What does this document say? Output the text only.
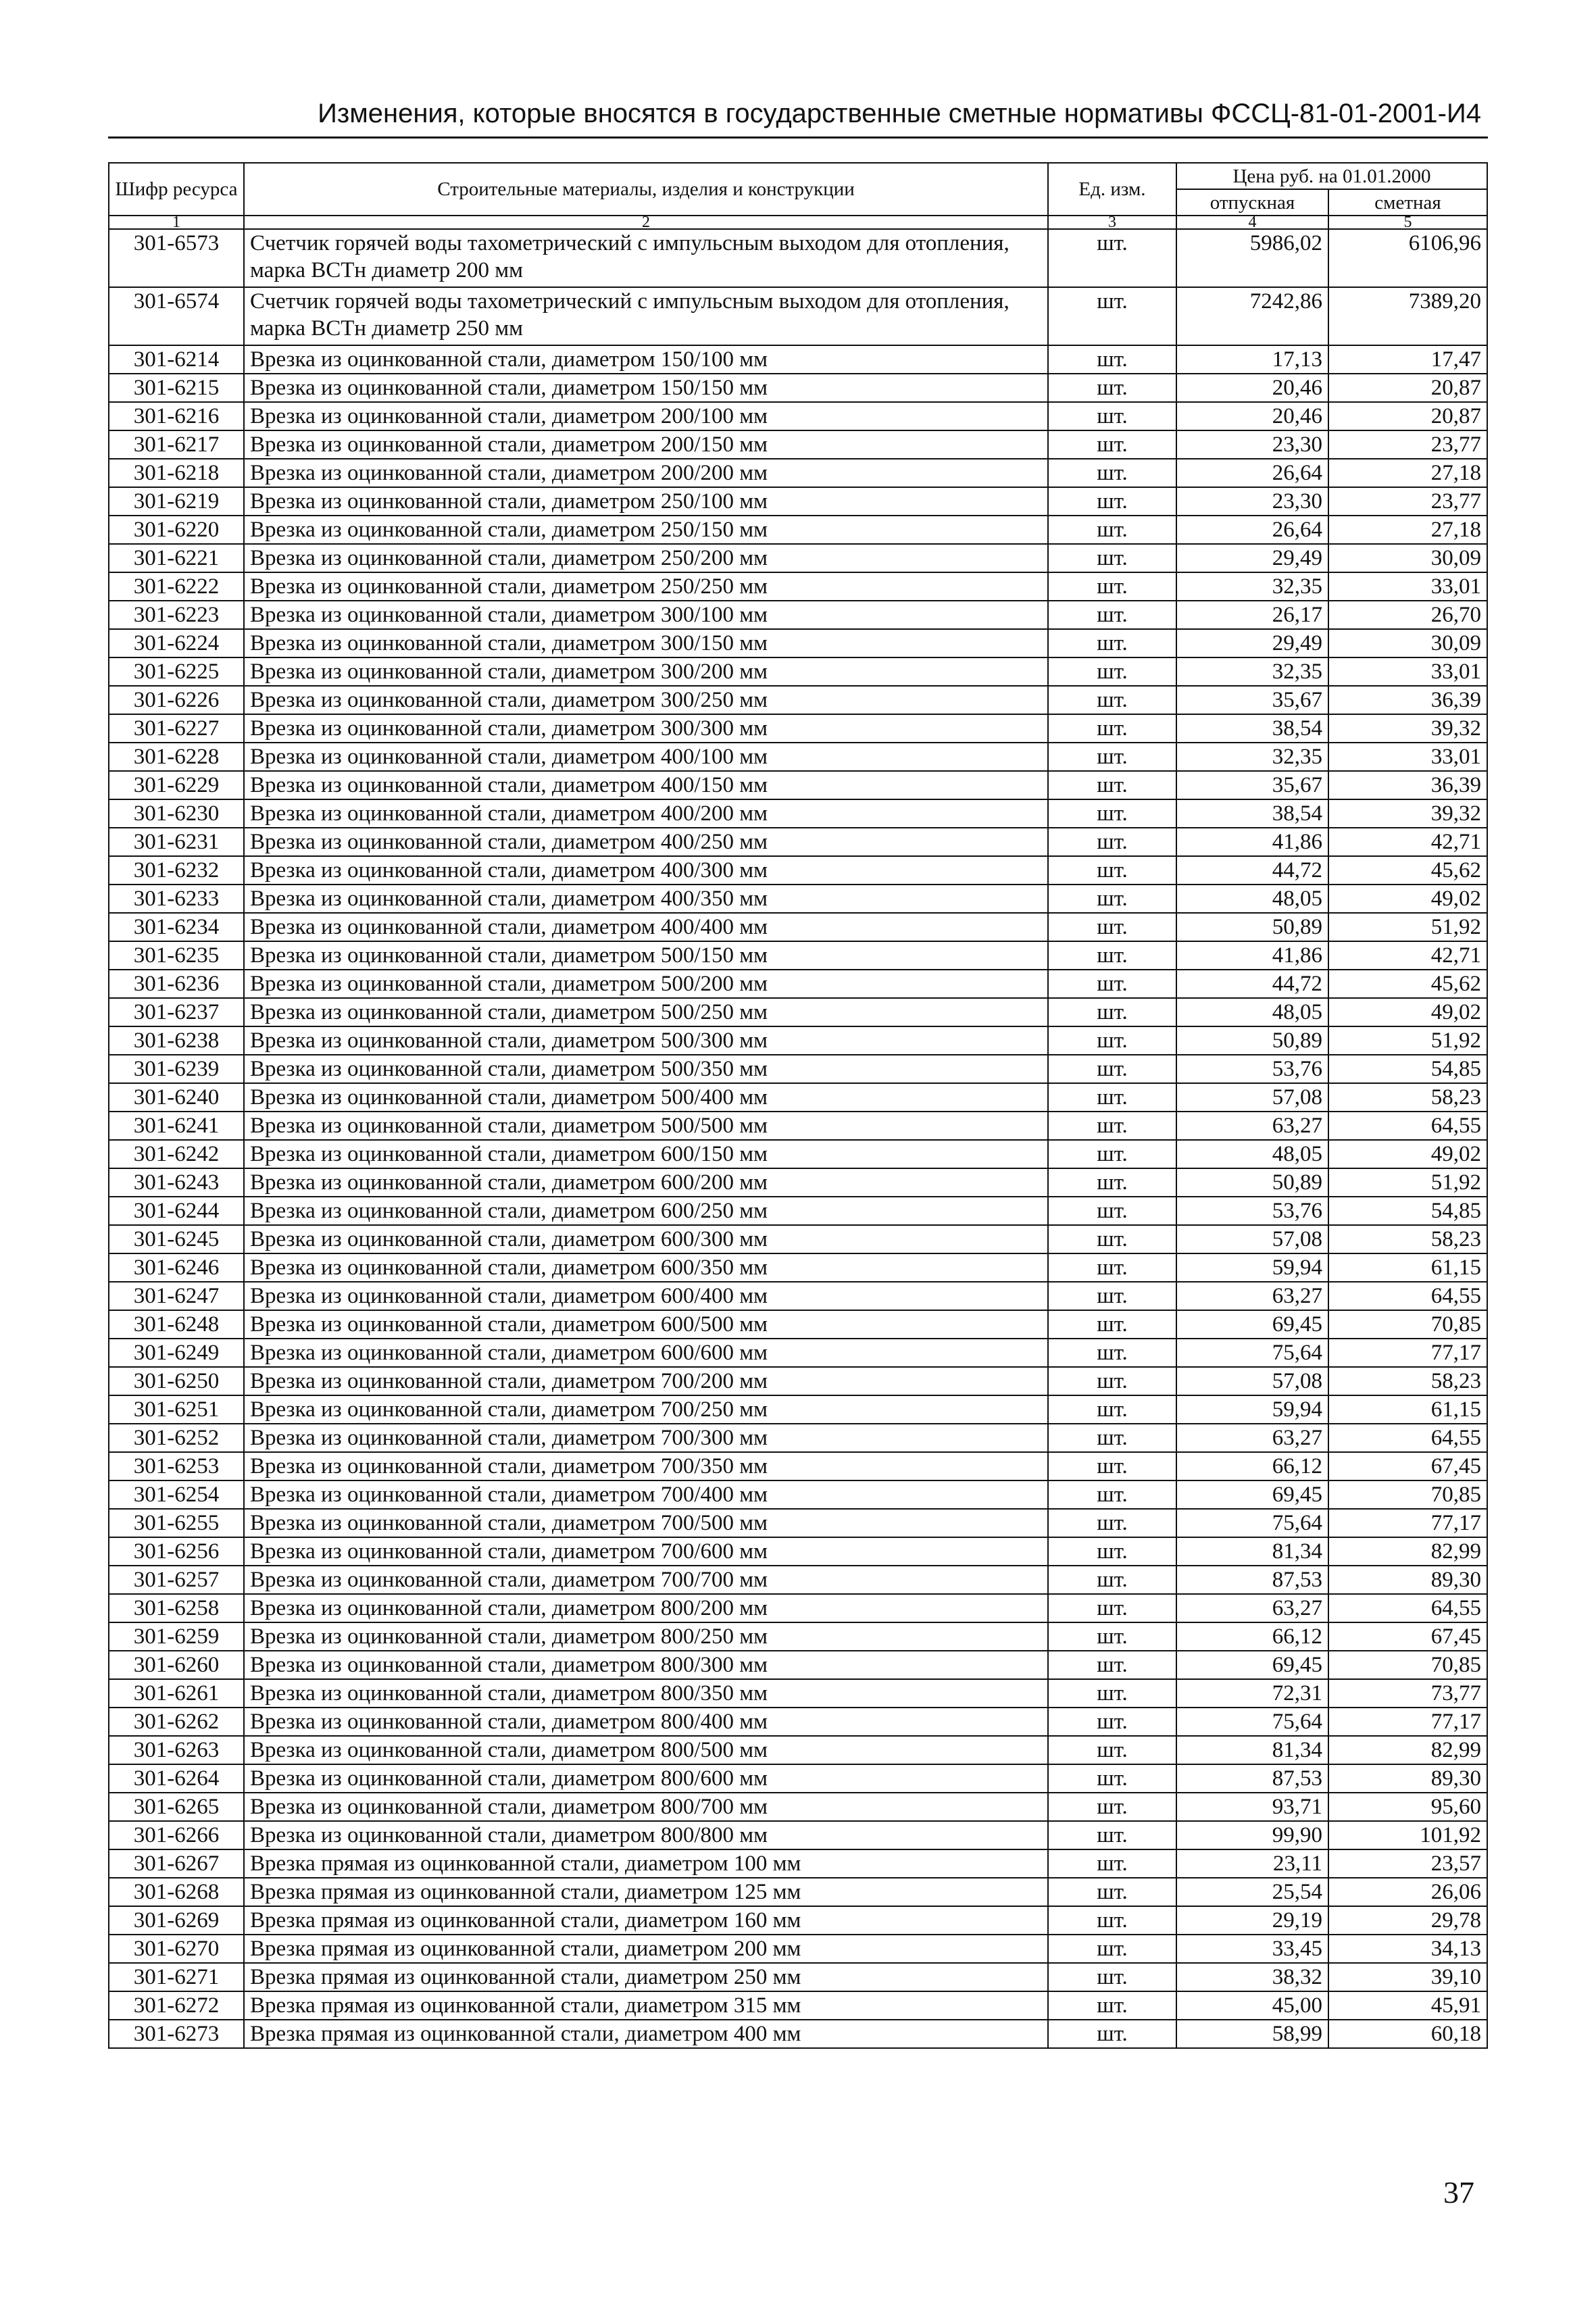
Изменения, которые вносятся в государственные сметные нормативы ФССЦ-81-01-2001-И4
Шифр ресурса	Строительные материалы, изделия и конструкции	Ед. изм.	Цена руб. на 01.01.2000	
			отпускная	сметная
1	2	3	4	5
301-6573	Счетчик горячей воды тахометрический с импульсным выходом для отопления, марка ВСТн диаметр 200 мм	шт.	5986,02	6106,96
301-6574	Счетчик горячей воды тахометрический с импульсным выходом для отопления, марка ВСТн диаметр 250 мм	шт.	7242,86	7389,20
301-6214	Врезка из оцинкованной стали, диаметром 150/100 мм	шт.	17,13	17,47
301-6215	Врезка из оцинкованной стали, диаметром 150/150 мм	шт.	20,46	20,87
301-6216	Врезка из оцинкованной стали, диаметром 200/100 мм	шт.	20,46	20,87
301-6217	Врезка из оцинкованной стали, диаметром 200/150 мм	шт.	23,30	23,77
301-6218	Врезка из оцинкованной стали, диаметром 200/200 мм	шт.	26,64	27,18
301-6219	Врезка из оцинкованной стали, диаметром 250/100 мм	шт.	23,30	23,77
301-6220	Врезка из оцинкованной стали, диаметром 250/150 мм	шт.	26,64	27,18
301-6221	Врезка из оцинкованной стали, диаметром 250/200 мм	шт.	29,49	30,09
301-6222	Врезка из оцинкованной стали, диаметром 250/250 мм	шт.	32,35	33,01
301-6223	Врезка из оцинкованной стали, диаметром 300/100 мм	шт.	26,17	26,70
301-6224	Врезка из оцинкованной стали, диаметром 300/150 мм	шт.	29,49	30,09
301-6225	Врезка из оцинкованной стали, диаметром 300/200 мм	шт.	32,35	33,01
301-6226	Врезка из оцинкованной стали, диаметром 300/250 мм	шт.	35,67	36,39
301-6227	Врезка из оцинкованной стали, диаметром 300/300 мм	шт.	38,54	39,32
301-6228	Врезка из оцинкованной стали, диаметром 400/100 мм	шт.	32,35	33,01
301-6229	Врезка из оцинкованной стали, диаметром 400/150 мм	шт.	35,67	36,39
301-6230	Врезка из оцинкованной стали, диаметром 400/200 мм	шт.	38,54	39,32
301-6231	Врезка из оцинкованной стали, диаметром 400/250 мм	шт.	41,86	42,71
301-6232	Врезка из оцинкованной стали, диаметром 400/300 мм	шт.	44,72	45,62
301-6233	Врезка из оцинкованной стали, диаметром 400/350 мм	шт.	48,05	49,02
301-6234	Врезка из оцинкованной стали, диаметром 400/400 мм	шт.	50,89	51,92
301-6235	Врезка из оцинкованной стали, диаметром 500/150 мм	шт.	41,86	42,71
301-6236	Врезка из оцинкованной стали, диаметром 500/200 мм	шт.	44,72	45,62
301-6237	Врезка из оцинкованной стали, диаметром 500/250 мм	шт.	48,05	49,02
301-6238	Врезка из оцинкованной стали, диаметром 500/300 мм	шт.	50,89	51,92
301-6239	Врезка из оцинкованной стали, диаметром 500/350 мм	шт.	53,76	54,85
301-6240	Врезка из оцинкованной стали, диаметром 500/400 мм	шт.	57,08	58,23
301-6241	Врезка из оцинкованной стали, диаметром 500/500 мм	шт.	63,27	64,55
301-6242	Врезка из оцинкованной стали, диаметром 600/150 мм	шт.	48,05	49,02
301-6243	Врезка из оцинкованной стали, диаметром 600/200 мм	шт.	50,89	51,92
301-6244	Врезка из оцинкованной стали, диаметром 600/250 мм	шт.	53,76	54,85
301-6245	Врезка из оцинкованной стали, диаметром 600/300 мм	шт.	57,08	58,23
301-6246	Врезка из оцинкованной стали, диаметром 600/350 мм	шт.	59,94	61,15
301-6247	Врезка из оцинкованной стали, диаметром 600/400 мм	шт.	63,27	64,55
301-6248	Врезка из оцинкованной стали, диаметром 600/500 мм	шт.	69,45	70,85
301-6249	Врезка из оцинкованной стали, диаметром 600/600 мм	шт.	75,64	77,17
301-6250	Врезка из оцинкованной стали, диаметром 700/200 мм	шт.	57,08	58,23
301-6251	Врезка из оцинкованной стали, диаметром 700/250 мм	шт.	59,94	61,15
301-6252	Врезка из оцинкованной стали, диаметром 700/300 мм	шт.	63,27	64,55
301-6253	Врезка из оцинкованной стали, диаметром 700/350 мм	шт.	66,12	67,45
301-6254	Врезка из оцинкованной стали, диаметром 700/400 мм	шт.	69,45	70,85
301-6255	Врезка из оцинкованной стали, диаметром 700/500 мм	шт.	75,64	77,17
301-6256	Врезка из оцинкованной стали, диаметром 700/600 мм	шт.	81,34	82,99
301-6257	Врезка из оцинкованной стали, диаметром 700/700 мм	шт.	87,53	89,30
301-6258	Врезка из оцинкованной стали, диаметром 800/200 мм	шт.	63,27	64,55
301-6259	Врезка из оцинкованной стали, диаметром 800/250 мм	шт.	66,12	67,45
301-6260	Врезка из оцинкованной стали, диаметром 800/300 мм	шт.	69,45	70,85
301-6261	Врезка из оцинкованной стали, диаметром 800/350 мм	шт.	72,31	73,77
301-6262	Врезка из оцинкованной стали, диаметром 800/400 мм	шт.	75,64	77,17
301-6263	Врезка из оцинкованной стали, диаметром 800/500 мм	шт.	81,34	82,99
301-6264	Врезка из оцинкованной стали, диаметром 800/600 мм	шт.	87,53	89,30
301-6265	Врезка из оцинкованной стали, диаметром 800/700 мм	шт.	93,71	95,60
301-6266	Врезка из оцинкованной стали, диаметром 800/800 мм	шт.	99,90	101,92
301-6267	Врезка прямая из оцинкованной стали, диаметром 100 мм	шт.	23,11	23,57
301-6268	Врезка прямая из оцинкованной стали, диаметром 125 мм	шт.	25,54	26,06
301-6269	Врезка прямая из оцинкованной стали, диаметром 160 мм	шт.	29,19	29,78
301-6270	Врезка прямая из оцинкованной стали, диаметром 200 мм	шт.	33,45	34,13
301-6271	Врезка прямая из оцинкованной стали, диаметром 250 мм	шт.	38,32	39,10
301-6272	Врезка прямая из оцинкованной стали, диаметром 315 мм	шт.	45,00	45,91
301-6273	Врезка прямая из оцинкованной стали, диаметром 400 мм	шт.	58,99	60,18
37
